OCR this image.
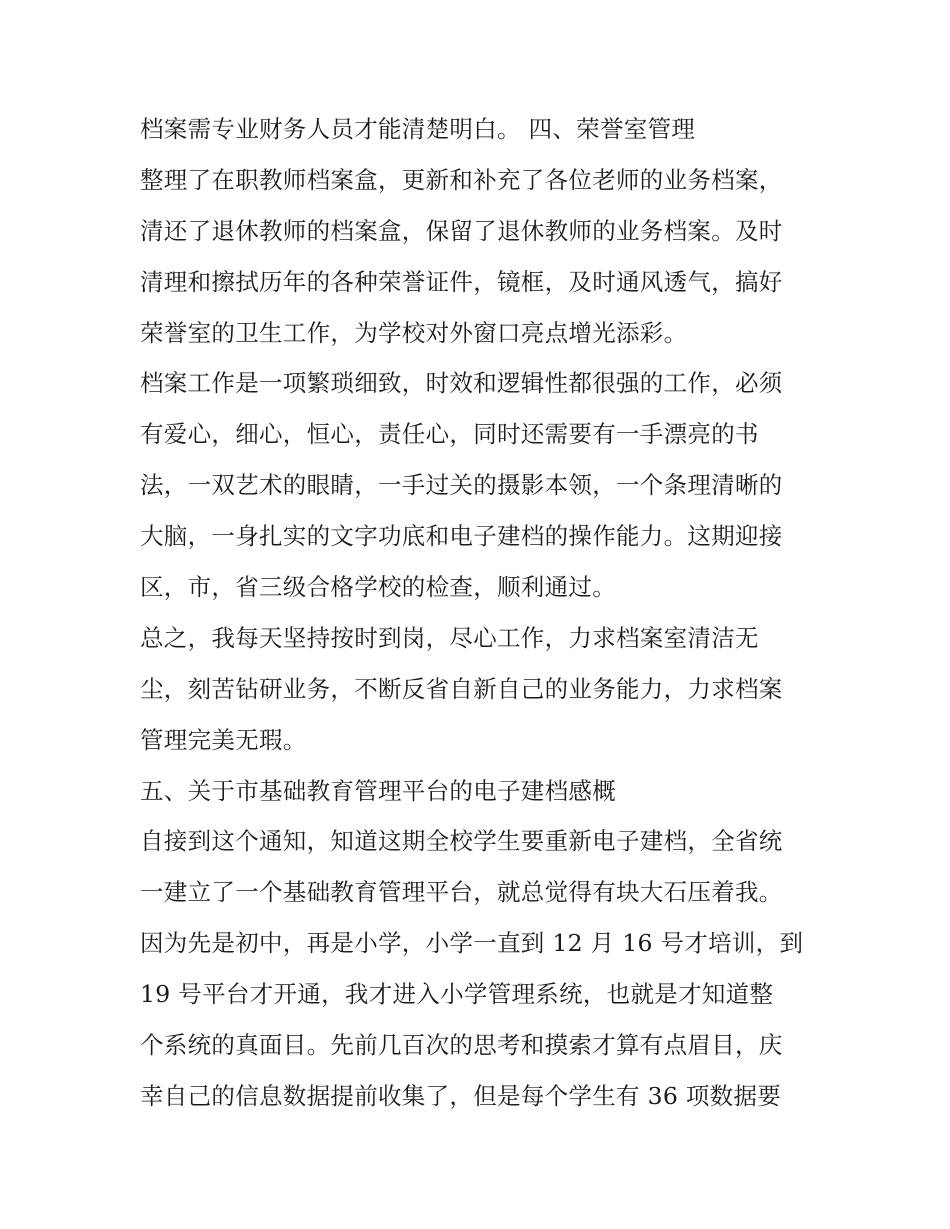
档案需专业财务人员才能清楚明白。 四、荣誉室管理
整理了在职教师档案盒，更新和补充了各位老师的业务档案，
清还了退休教师的档案盒，保留了退休教师的业务档案。及时
清理和擦拭历年的各种荣誉证件，镜框，及时通风透气，搞好
荣誉室的卫生工作，为学校对外窗口亮点增光添彩。
档案工作是一项繁琐细致，时效和逻辑性都很强的工作，必须
有爱心，细心，恒心，责任心，同时还需要有一手漂亮的书
法，一双艺术的眼睛，一手过关的摄影本领，一个条理清晰的
大脑，一身扎实的文字功底和电子建档的操作能力。这期迎接
区，市，省三级合格学校的检查，顺利通过。
总之，我每天坚持按时到岗，尽心工作，力求档案室清洁无
尘，刻苦钻研业务，不断反省自新自己的业务能力，力求档案
管理完美无瑕。
五、关于市基础教育管理平台的电子建档感概
自接到这个通知，知道这期全校学生要重新电子建档，全省统
一建立了一个基础教育管理平台，就总觉得有块大石压着我。
因为先是初中，再是小学，小学一直到 12 月 16 号才培训，到
19 号平台才开通，我才进入小学管理系统，也就是才知道整
个系统的真面目。先前几百次的思考和摸索才算有点眉目，庆
幸自己的信息数据提前收集了，但是每个学生有 36 项数据要
